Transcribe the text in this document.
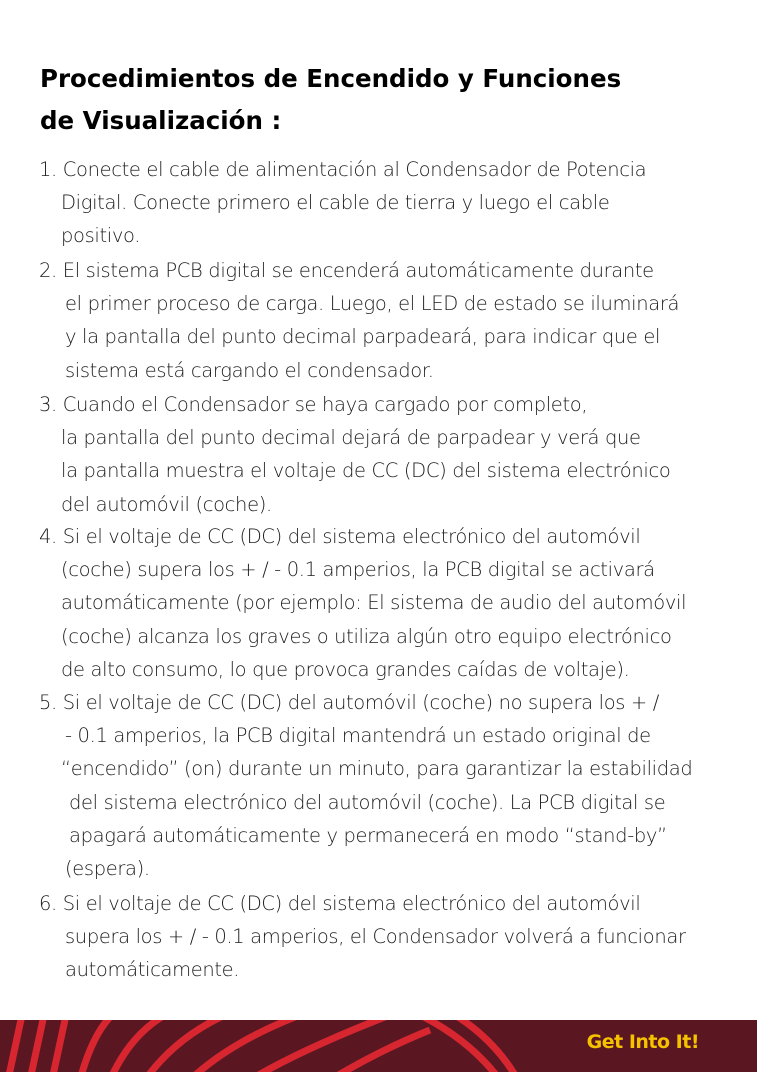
Procedimientos de Encendido y Funciones
de Visualización :
1. Conecte el cable de alimentación al Condensador de Potencia
Digital. Conecte primero el cable de tierra y luego el cable
positivo.
2. El sistema PCB digital se encenderá automáticamente durante
el primer proceso de carga. Luego, el LED de estado se iluminará
y la pantalla del punto decimal parpadeará, para indicar que el
sistema está cargando el condensador.
3. Cuando el Condensador se haya cargado por completo,
la pantalla del punto decimal dejará de parpadear y verá que
la pantalla muestra el voltaje de CC (DC) del sistema electrónico
del automóvil (coche).
4. Si el voltaje de CC (DC) del sistema electrónico del automóvil
(coche) supera los + / - 0.1 amperios, la PCB digital se activará
automáticamente (por ejemplo: El sistema de audio del automóvil
(coche) alcanza los graves o utiliza algún otro equipo electrónico
de alto consumo, lo que provoca grandes caídas de voltaje).
5. Si el voltaje de CC (DC) del automóvil (coche) no supera los + /
- 0.1 amperios, la PCB digital mantendrá un estado original de
“encendido” (on) durante un minuto, para garantizar la estabilidad
del sistema electrónico del automóvil (coche). La PCB digital se
apagará automáticamente y permanecerá en modo “stand-by”
(espera).
6. Si el voltaje de CC (DC) del sistema electrónico del automóvil
supera los + / - 0.1 amperios, el Condensador volverá a funcionar
automáticamente.
Get Into It!
